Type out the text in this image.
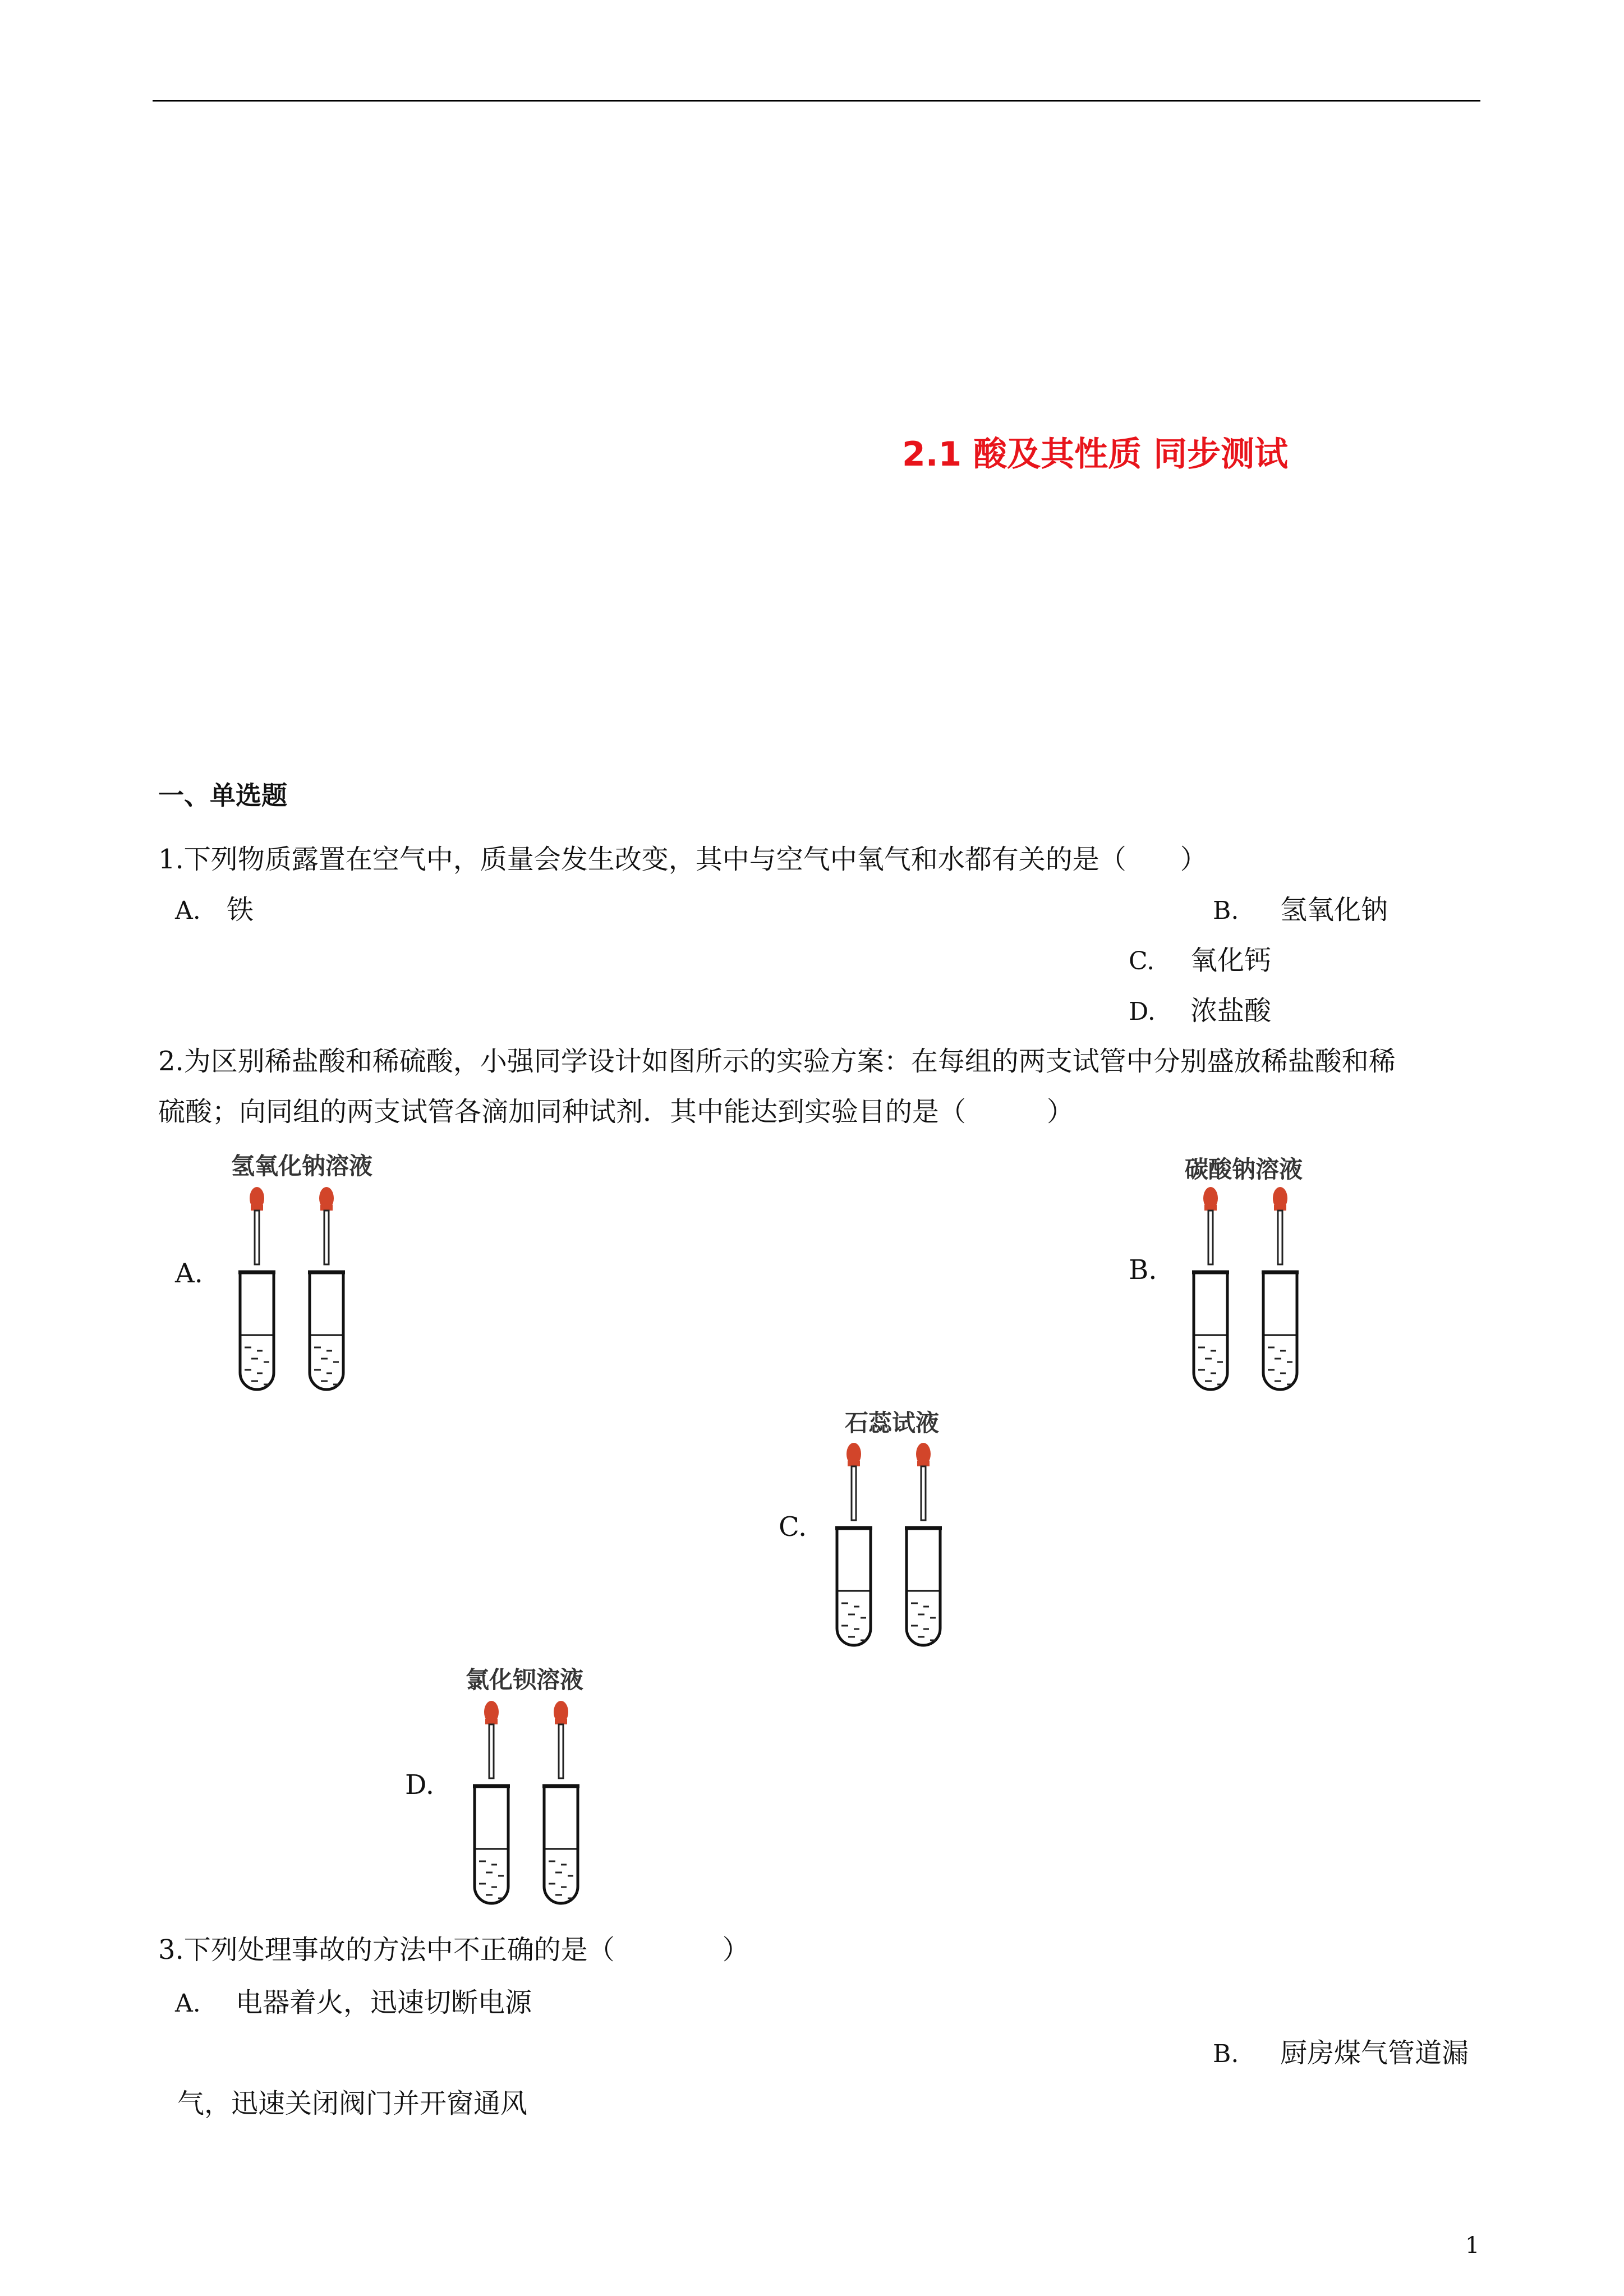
2.1 酸及其性质 同步测试
一、单选题
1.下列物质露置在空气中，质量会发生改变，其中与空气中氧气和水都有关的是（　　）
A. 铁	B. 氢氧化钠
C. 氧化钙
D. 浓盐酸
2.为区别稀盐酸和稀硫酸，小强同学设计如图所示的实验方案：在每组的两支试管中分别盛放稀盐酸和稀
硫酸；向同组的两支试管各滴加同种试剂．其中能达到实验目的是（　　　）
A.
氢氧化钠溶液
B.
碳酸钠溶液
C.
石蕊试液
D.
氯化钡溶液
3.下列处理事故的方法中不正确的是（　　　　）
A. 电器着火，迅速切断电源
B. 厨房煤气管道漏
气，迅速关闭阀门并开窗通风
1
